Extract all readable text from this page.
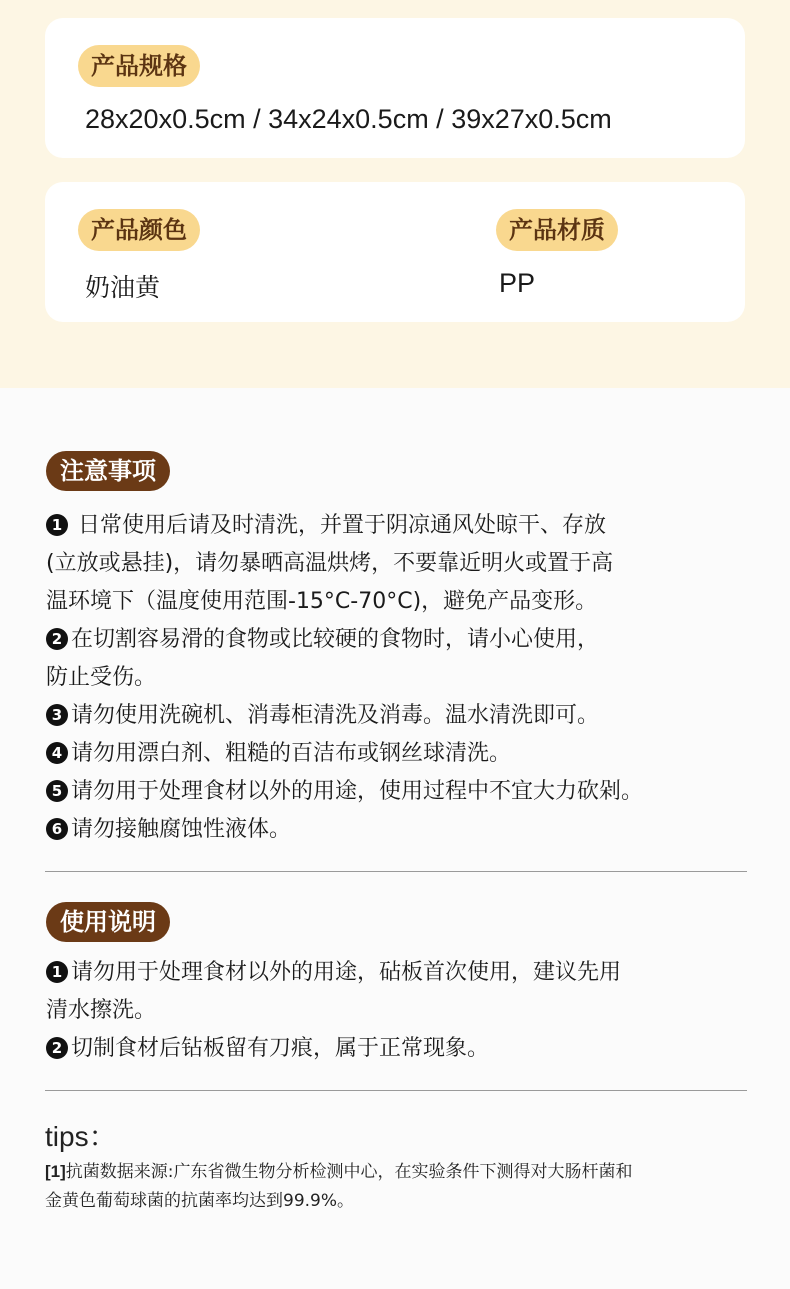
产品规格
28x20x0.5cm / 34x24x0.5cm / 39x27x0.5cm
产品颜色
奶油黄
产品材质
PP
注意事项
1 日常使用后请及时清洗，并置于阴凉通风处晾干、存放
(立放或悬挂)，请勿暴晒高温烘烤，不要靠近明火或置于高
温环境下（温度使用范围-15°C-70°C)，避免产品变形。
2 在切割容易滑的食物或比较硬的食物时，请小心使用，
防止受伤。
3 请勿使用洗碗机、消毒柜清洗及消毒。温水清洗即可。
4 请勿用漂白剂、粗糙的百洁布或钢丝球清洗。
5 请勿用于处理食材以外的用途，使用过程中不宜大力砍剁。
6 请勿接触腐蚀性液体。
使用说明
1 请勿用于处理食材以外的用途，砧板首次使用，建议先用
清水擦洗。
2 切制食材后钻板留有刀痕，属于正常现象。
tips：
[1]抗菌数据来源:广东省微生物分析检测中心，在实验条件下测得对大肠杆菌和
金黄色葡萄球菌的抗菌率均达到99.9%。
